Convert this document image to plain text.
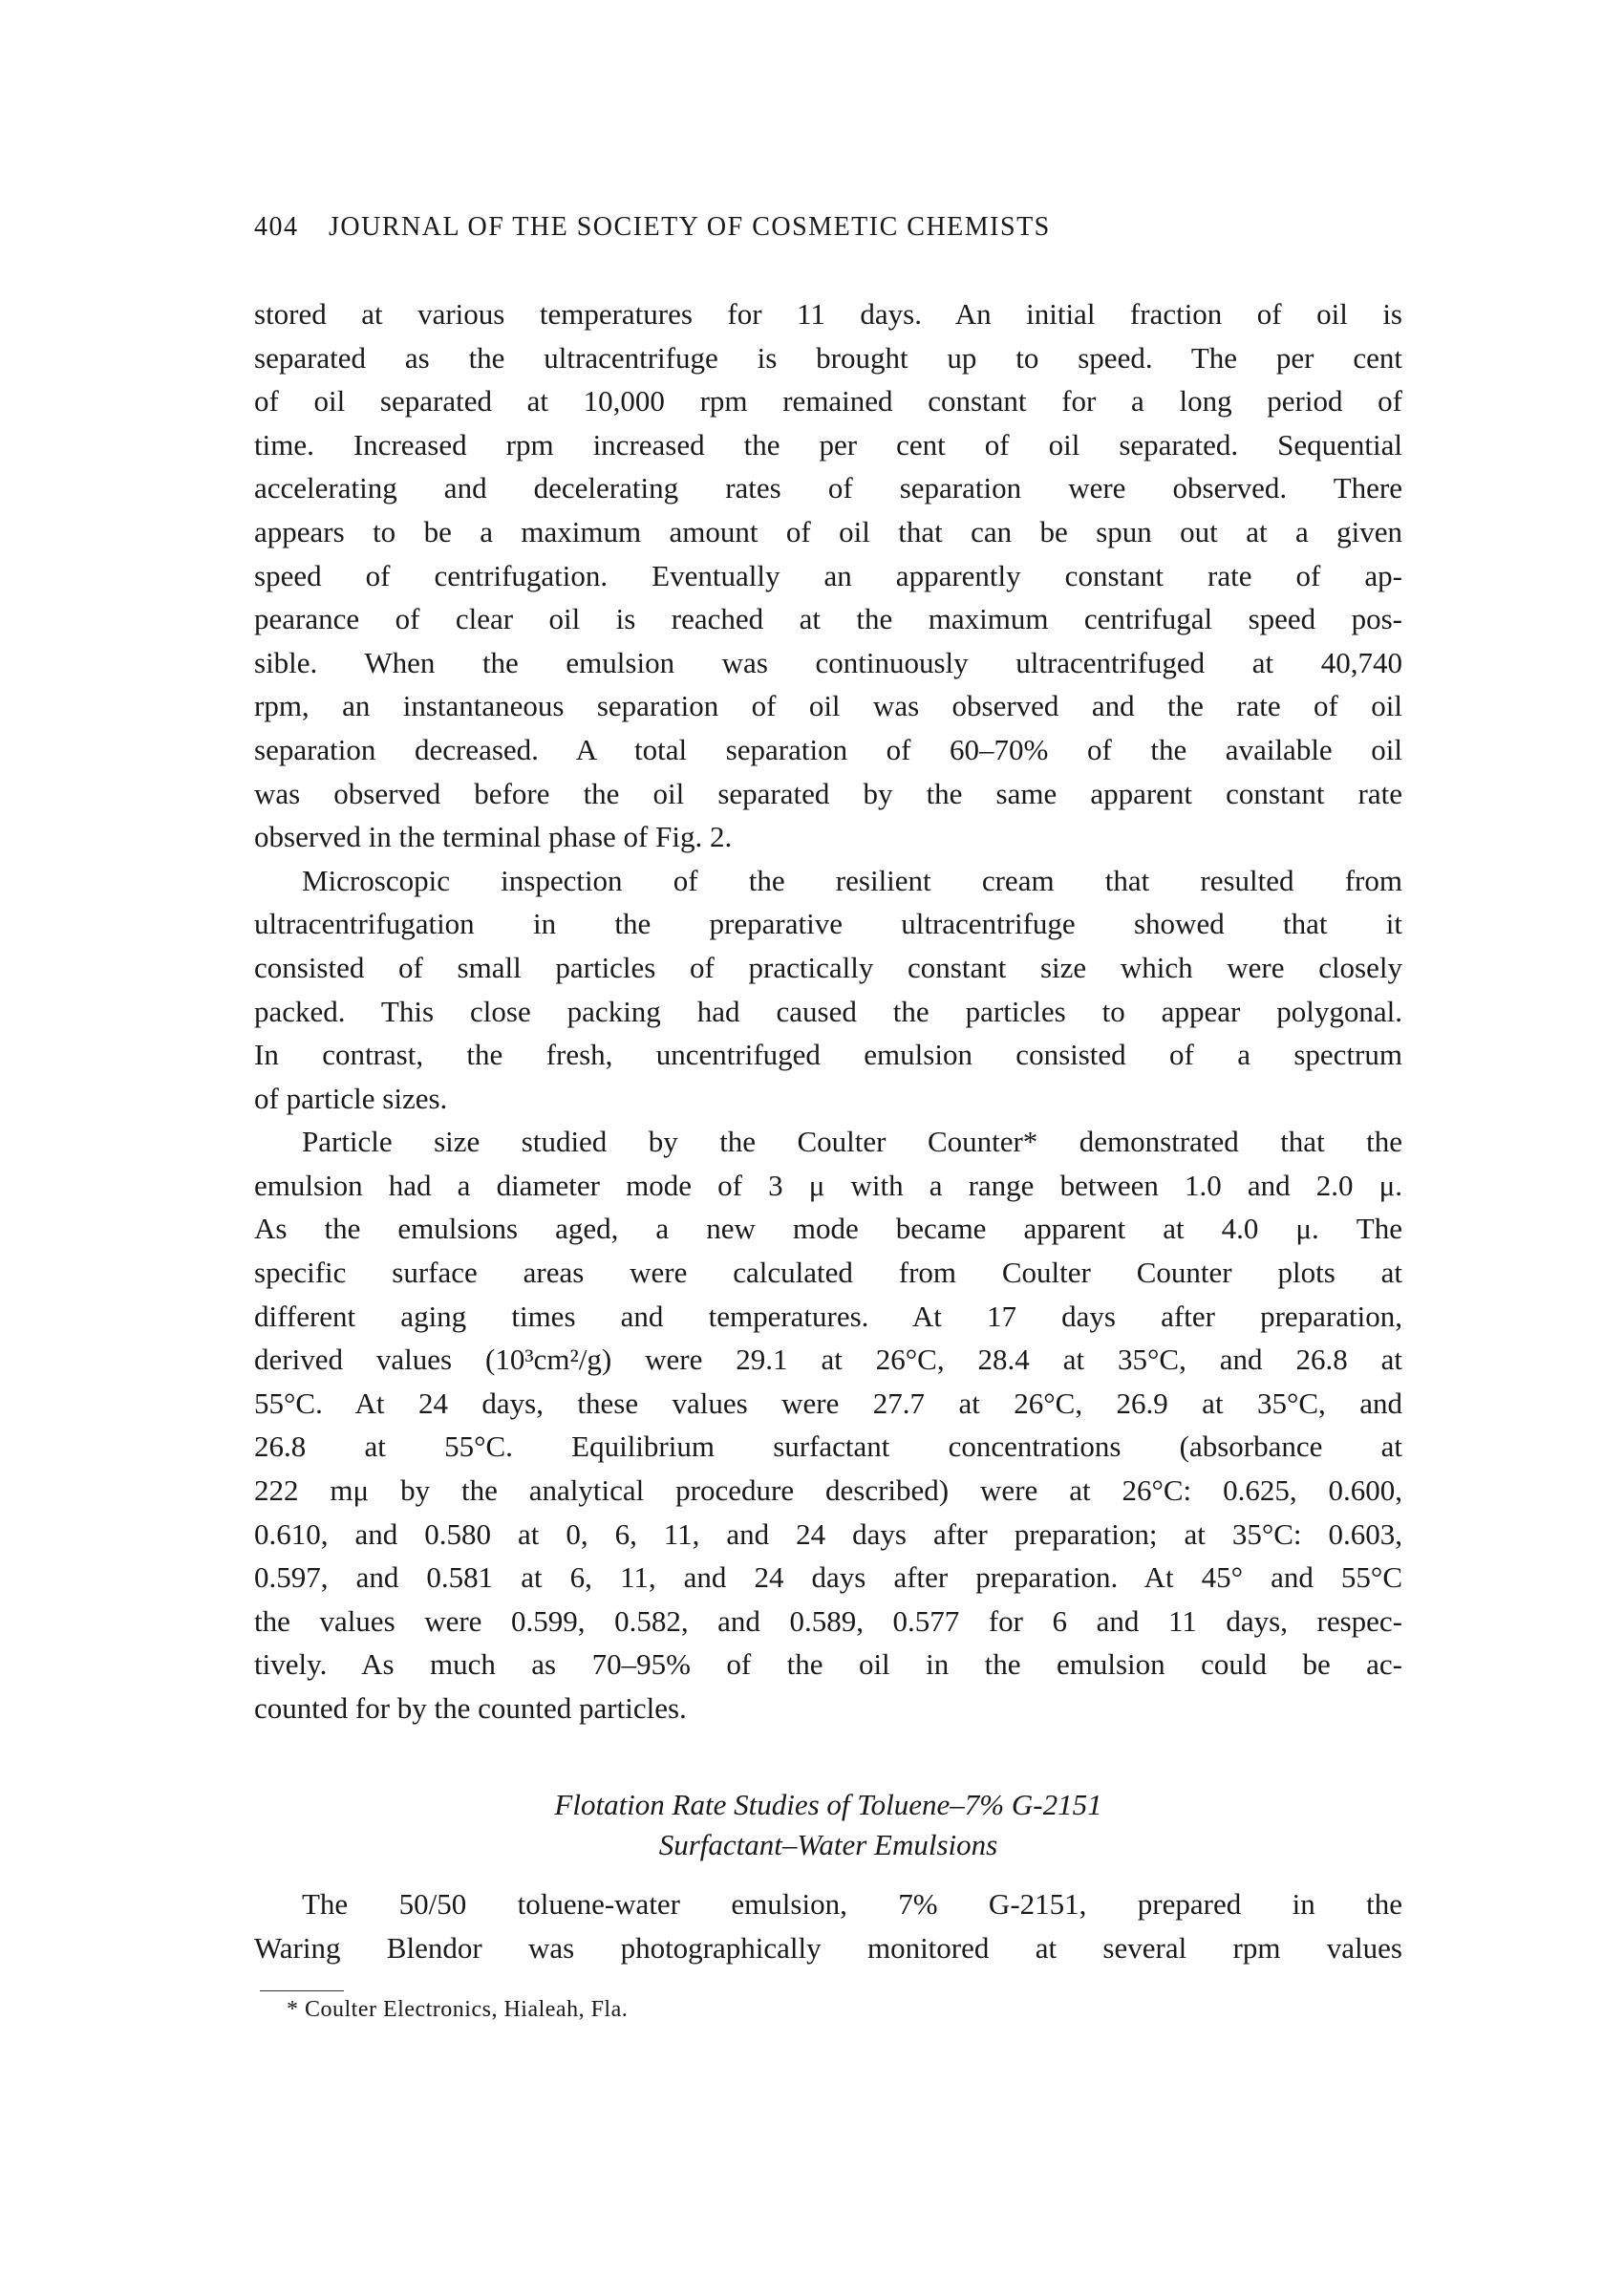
404 JOURNAL OF THE SOCIETY OF COSMETIC CHEMISTS
stored at various temperatures for 11 days. An initial fraction of oil is
separated as the ultracentrifuge is brought up to speed. The per cent
of oil separated at 10,000 rpm remained constant for a long period of
time. Increased rpm increased the per cent of oil separated. Sequential
accelerating and decelerating rates of separation were observed. There
appears to be a maximum amount of oil that can be spun out at a given
speed of centrifugation. Eventually an apparently constant rate of ap-
pearance of clear oil is reached at the maximum centrifugal speed pos-
sible. When the emulsion was continuously ultracentrifuged at 40,740
rpm, an instantaneous separation of oil was observed and the rate of oil
separation decreased. A total separation of 60–70% of the available oil
was observed before the oil separated by the same apparent constant rate
observed in the terminal phase of Fig. 2.
Microscopic inspection of the resilient cream that resulted from
ultracentrifugation in the preparative ultracentrifuge showed that it
consisted of small particles of practically constant size which were closely
packed. This close packing had caused the particles to appear polygonal.
In contrast, the fresh, uncentrifuged emulsion consisted of a spectrum
of particle sizes.
Particle size studied by the Coulter Counter* demonstrated that the
emulsion had a diameter mode of 3 μ with a range between 1.0 and 2.0 μ.
As the emulsions aged, a new mode became apparent at 4.0 μ. The
specific surface areas were calculated from Coulter Counter plots at
different aging times and temperatures. At 17 days after preparation,
derived values (10³cm²/g) were 29.1 at 26°C, 28.4 at 35°C, and 26.8 at
55°C. At 24 days, these values were 27.7 at 26°C, 26.9 at 35°C, and
26.8 at 55°C. Equilibrium surfactant concentrations (absorbance at
222 mμ by the analytical procedure described) were at 26°C: 0.625, 0.600,
0.610, and 0.580 at 0, 6, 11, and 24 days after preparation; at 35°C: 0.603,
0.597, and 0.581 at 6, 11, and 24 days after preparation. At 45° and 55°C
the values were 0.599, 0.582, and 0.589, 0.577 for 6 and 11 days, respec-
tively. As much as 70–95% of the oil in the emulsion could be ac-
counted for by the counted particles.
Flotation Rate Studies of Toluene–7% G-2151
Surfactant–Water Emulsions
The 50/50 toluene-water emulsion, 7% G-2151, prepared in the
Waring Blendor was photographically monitored at several rpm values
* Coulter Electronics, Hialeah, Fla.
